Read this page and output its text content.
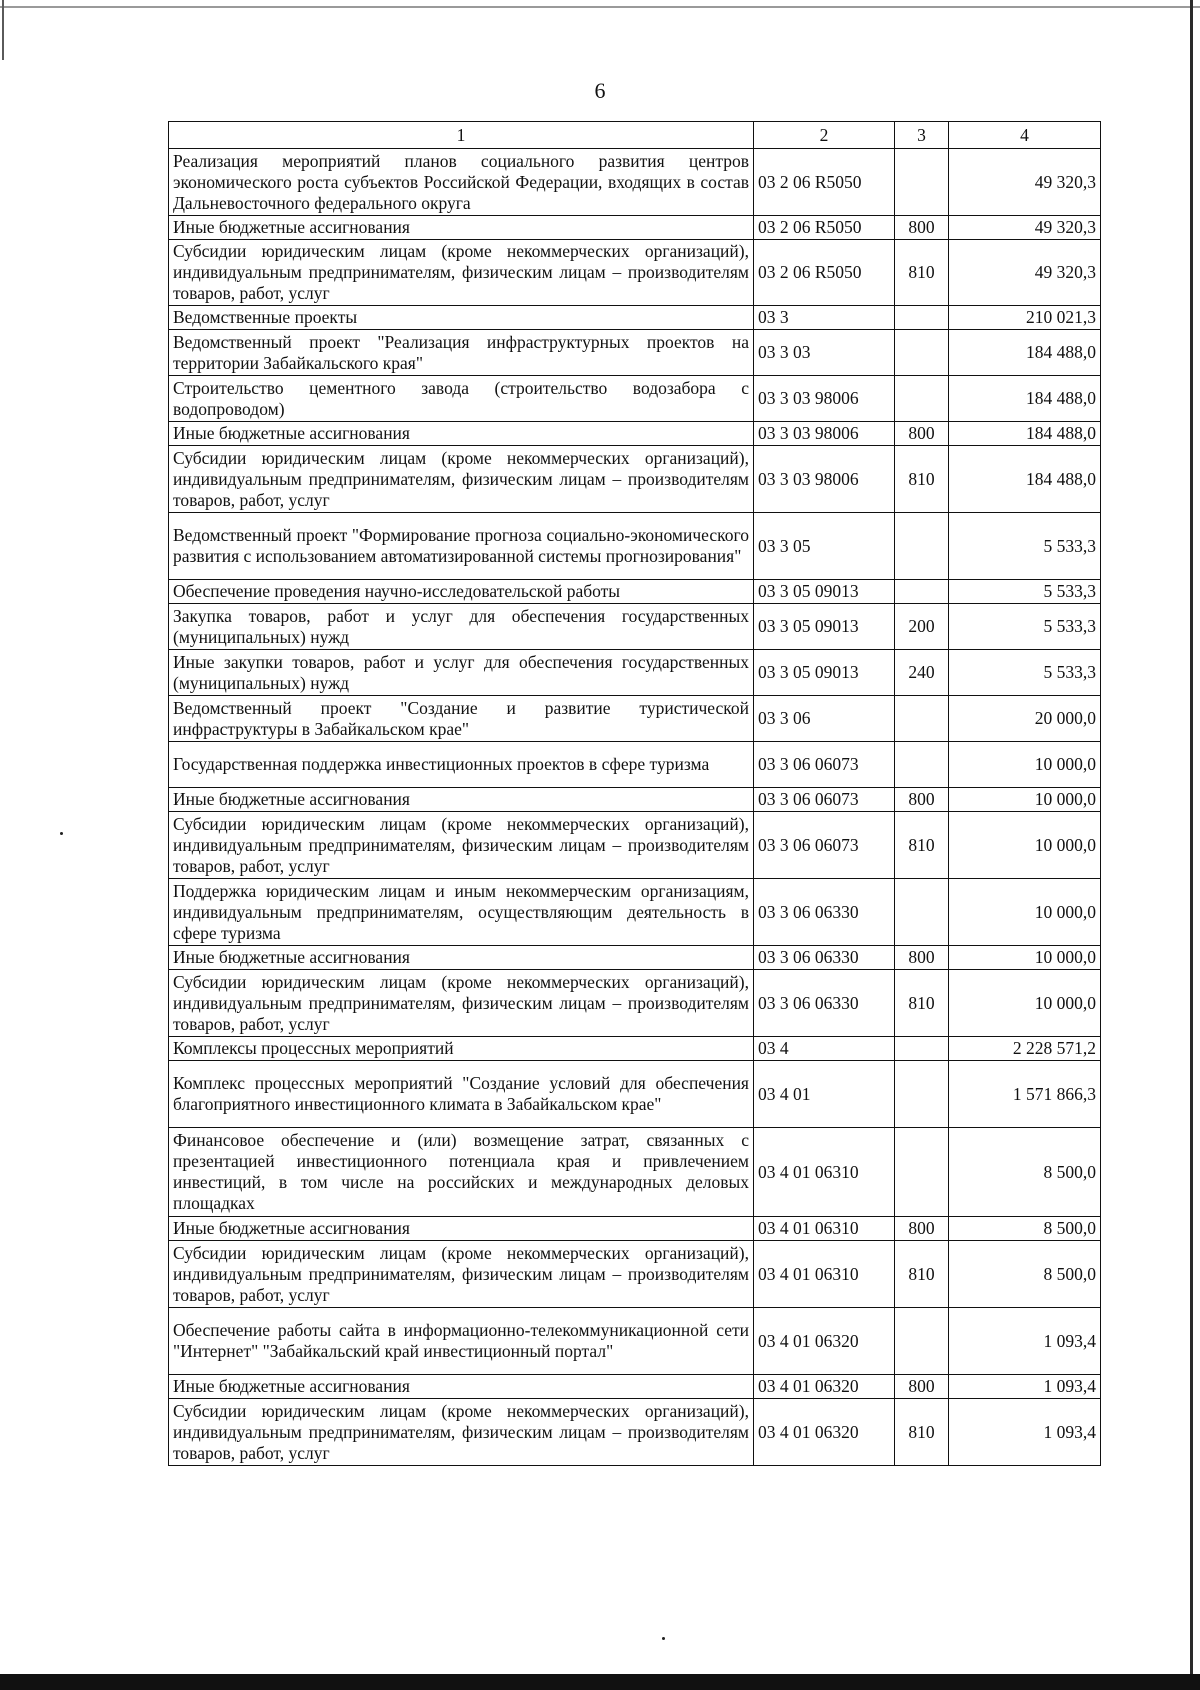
6
1	2	3	4
Реализация мероприятий планов социального развития центров экономического роста субъектов Российской Федерации, входящих в состав Дальневосточного федерального округа	03 2 06 R5050		49 320,3
Иные бюджетные ассигнования	03 2 06 R5050	800	49 320,3
Субсидии юридическим лицам (кроме некоммерческих организаций), индивидуальным предпринимателям, физическим лицам – производителям товаров, работ, услуг	03 2 06 R5050	810	49 320,3
Ведомственные проекты	03 3		210 021,3
Ведомственный проект "Реализация инфраструктурных проектов на территории Забайкальского края"	03 3 03		184 488,0
Строительство цементного завода (строительство водозабора с водопроводом)	03 3 03 98006		184 488,0
Иные бюджетные ассигнования	03 3 03 98006	800	184 488,0
Субсидии юридическим лицам (кроме некоммерческих организаций), индивидуальным предпринимателям, физическим лицам – производителям товаров, работ, услуг	03 3 03 98006	810	184 488,0
Ведомственный проект "Формирование прогноза социально-экономического развития с использованием автоматизированной системы прогнозирования"	03 3 05		5 533,3
Обеспечение проведения научно-исследовательской работы	03 3 05 09013		5 533,3
Закупка товаров, работ и услуг для обеспечения государственных (муниципальных) нужд	03 3 05 09013	200	5 533,3
Иные закупки товаров, работ и услуг для обеспечения государственных (муниципальных) нужд	03 3 05 09013	240	5 533,3
Ведомственный проект "Создание и развитие туристической инфраструктуры в Забайкальском крае"	03 3 06		20 000,0
Государственная поддержка инвестиционных проектов в сфере туризма	03 3 06 06073		10 000,0
Иные бюджетные ассигнования	03 3 06 06073	800	10 000,0
Субсидии юридическим лицам (кроме некоммерческих организаций), индивидуальным предпринимателям, физическим лицам – производителям товаров, работ, услуг	03 3 06 06073	810	10 000,0
Поддержка юридическим лицам и иным некоммерческим организациям, индивидуальным предпринимателям, осуществляющим деятельность в сфере туризма	03 3 06 06330		10 000,0
Иные бюджетные ассигнования	03 3 06 06330	800	10 000,0
Субсидии юридическим лицам (кроме некоммерческих организаций), индивидуальным предпринимателям, физическим лицам – производителям товаров, работ, услуг	03 3 06 06330	810	10 000,0
Комплексы процессных мероприятий	03 4		2 228 571,2
Комплекс процессных мероприятий "Создание условий для обеспечения благоприятного инвестиционного климата в Забайкальском крае"	03 4 01		1 571 866,3
Финансовое обеспечение и (или) возмещение затрат, связанных с презентацией инвестиционного потенциала края и привлечением инвестиций, в том числе на российских и международных деловых площадках	03 4 01 06310		8 500,0
Иные бюджетные ассигнования	03 4 01 06310	800	8 500,0
Субсидии юридическим лицам (кроме некоммерческих организаций), индивидуальным предпринимателям, физическим лицам – производителям товаров, работ, услуг	03 4 01 06310	810	8 500,0
Обеспечение работы сайта в информационно-телекоммуникационной сети "Интернет" "Забайкальский край инвестиционный портал"	03 4 01 06320		1 093,4
Иные бюджетные ассигнования	03 4 01 06320	800	1 093,4
Субсидии юридическим лицам (кроме некоммерческих организаций), индивидуальным предпринимателям, физическим лицам – производителям товаров, работ, услуг	03 4 01 06320	810	1 093,4
